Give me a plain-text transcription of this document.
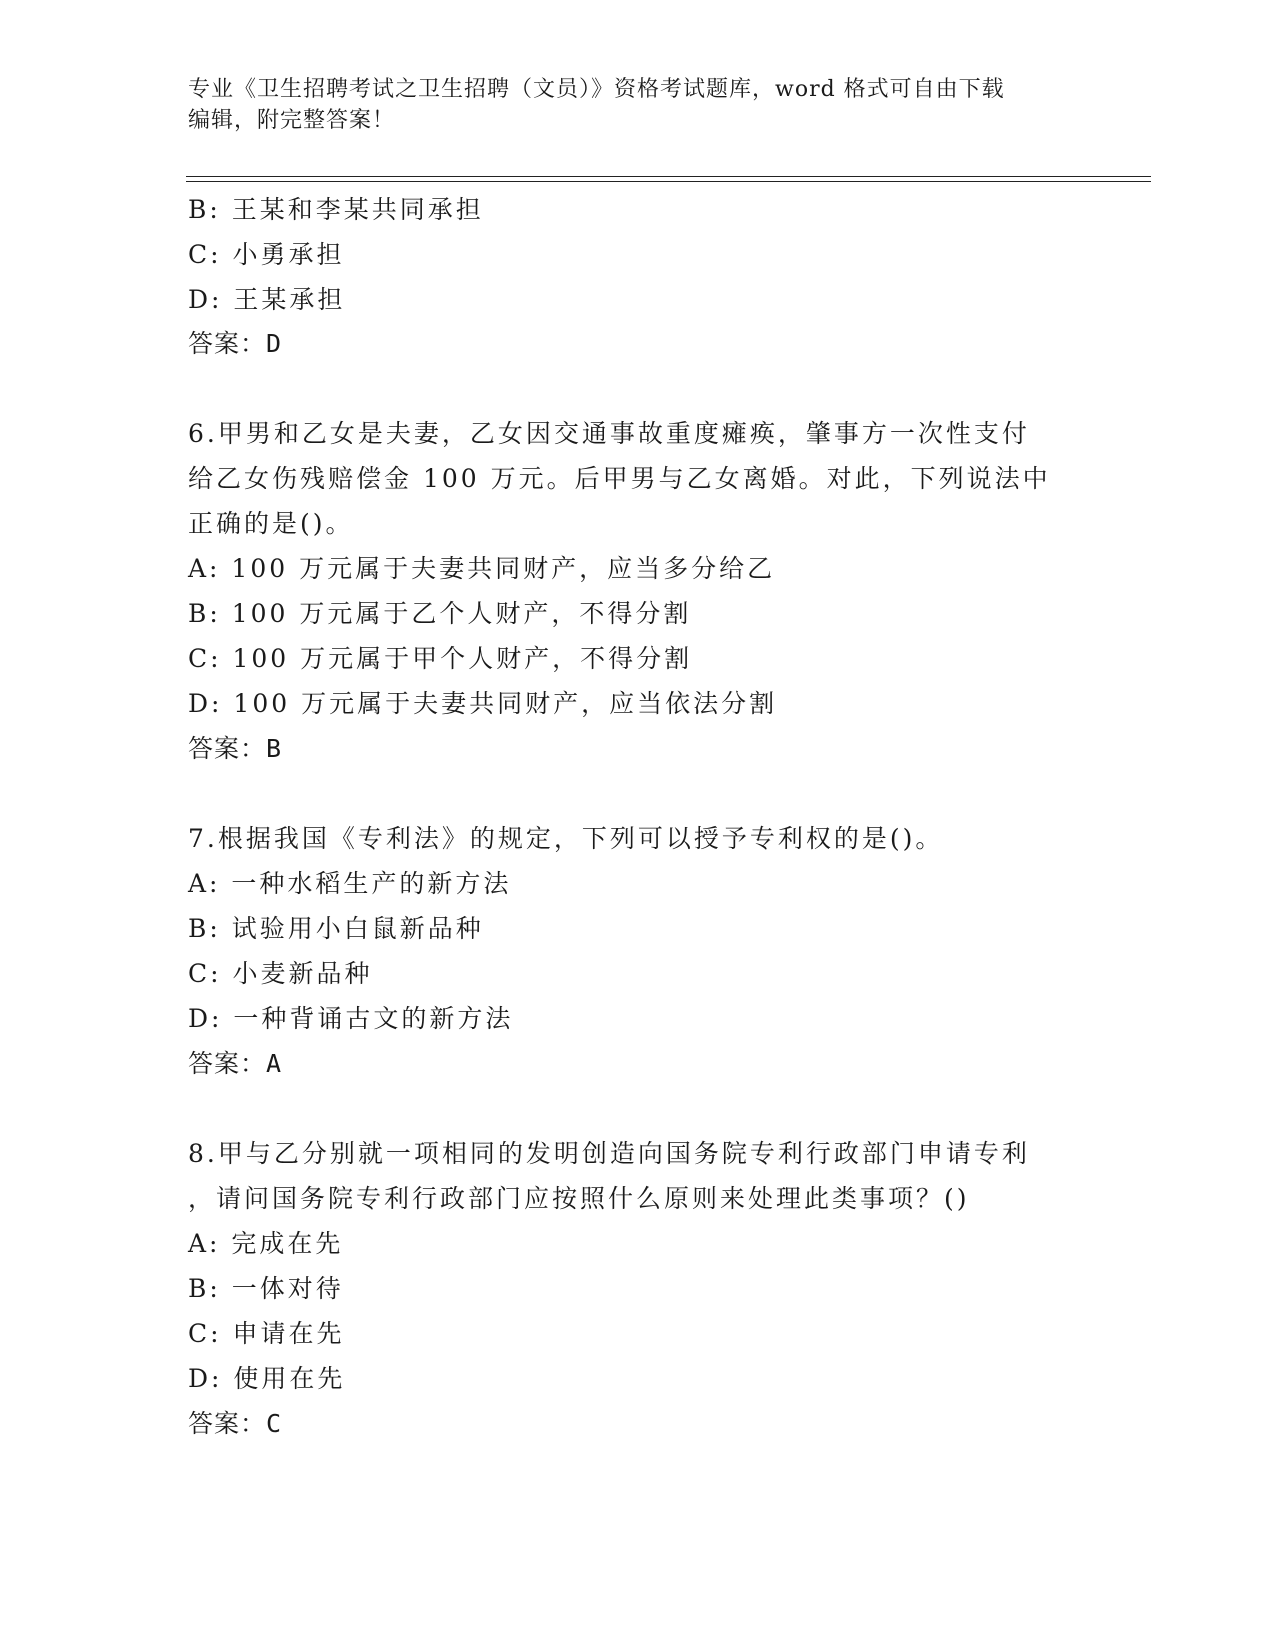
专业《卫生招聘考试之卫生招聘（文员）》资格考试题库，word 格式可自由下载
编辑，附完整答案！
B: 王某和李某共同承担
C: 小勇承担
D: 王某承担
答案：D
6.甲男和乙女是夫妻，乙女因交通事故重度瘫痪，肇事方一次性支付
给乙女伤残赔偿金 100 万元。后甲男与乙女离婚。对此，下列说法中
正确的是()。
A: 100 万元属于夫妻共同财产，应当多分给乙
B: 100 万元属于乙个人财产，不得分割
C: 100 万元属于甲个人财产，不得分割
D: 100 万元属于夫妻共同财产，应当依法分割
答案：B
7.根据我国《专利法》的规定，下列可以授予专利权的是()。
A: 一种水稻生产的新方法
B: 试验用小白鼠新品种
C: 小麦新品种
D: 一种背诵古文的新方法
答案：A
8.甲与乙分别就一项相同的发明创造向国务院专利行政部门申请专利
，请问国务院专利行政部门应按照什么原则来处理此类事项？()
A: 完成在先
B: 一体对待
C: 申请在先
D: 使用在先
答案：C
